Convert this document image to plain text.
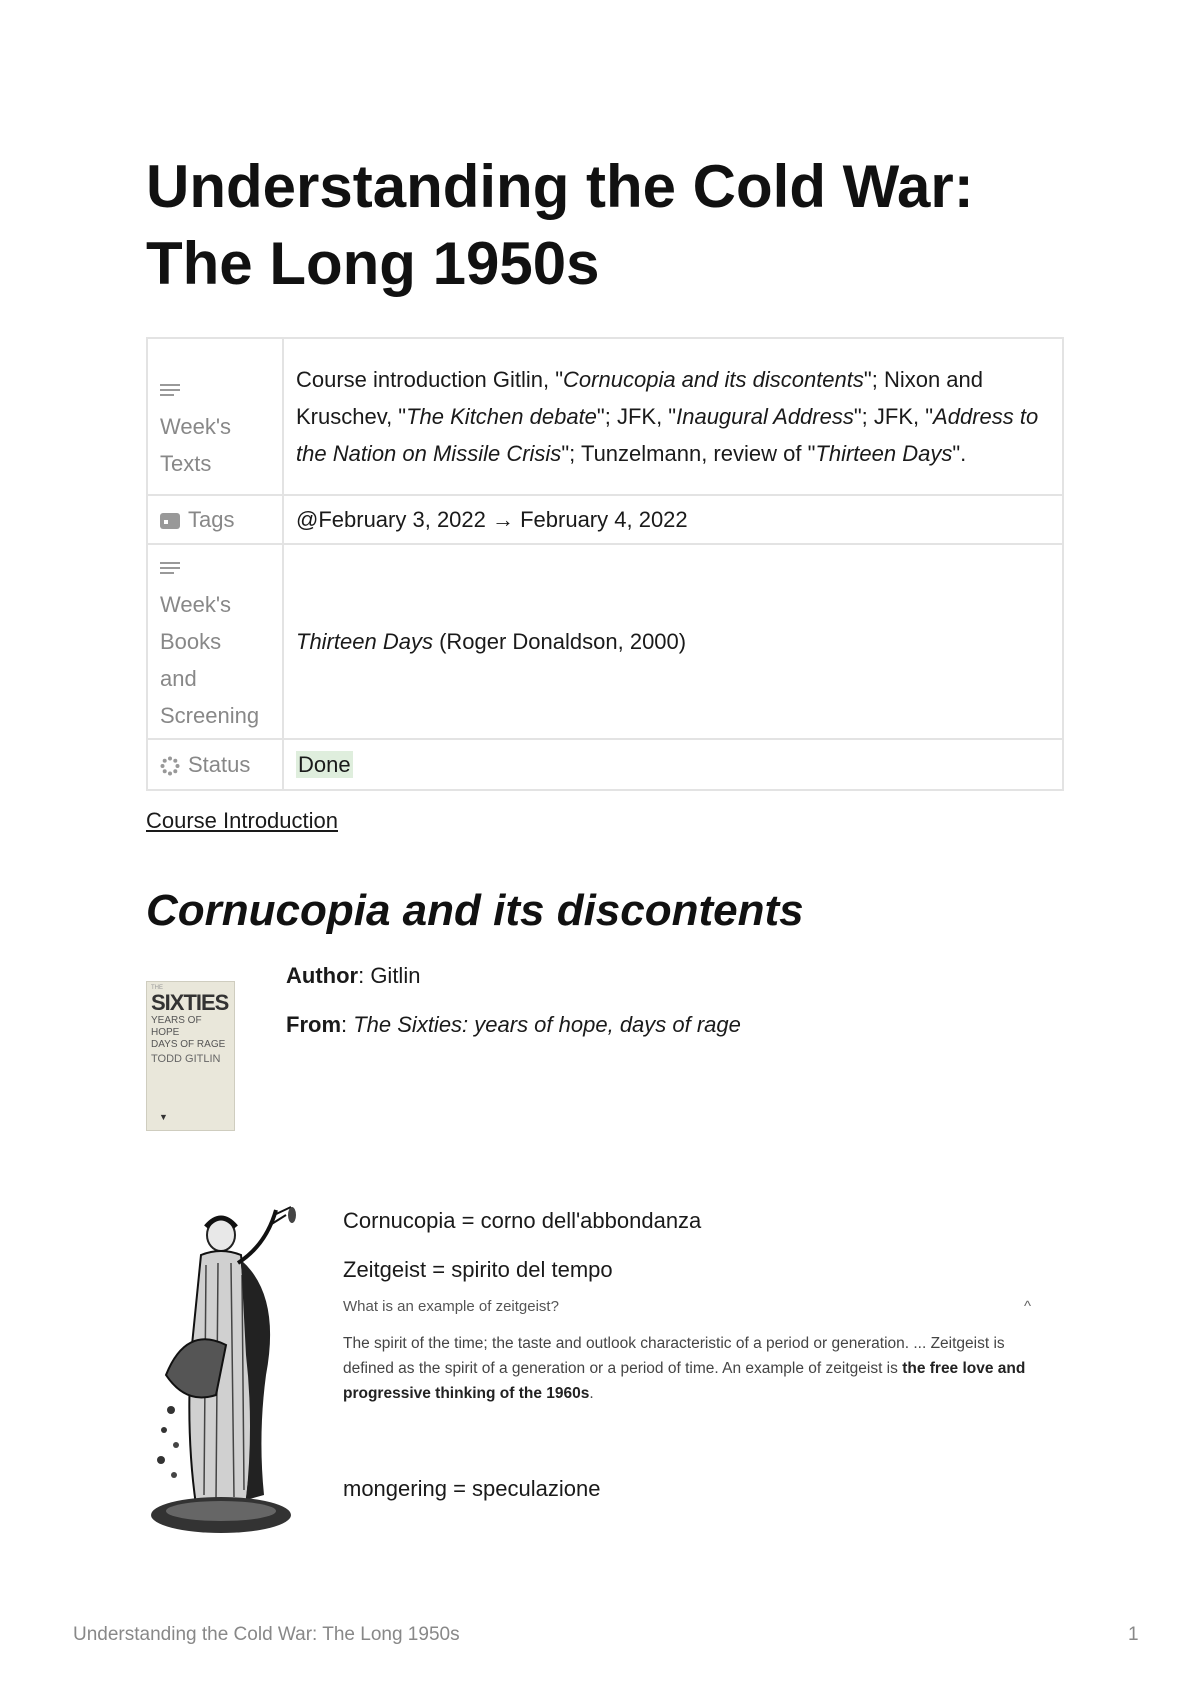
Understanding the Cold War: The Long 1950s
Week's
Texts	Course introduction Gitlin, "Cornucopia and its discontents"; Nixon and Kruschev, "The Kitchen debate"; JFK, "Inaugural Address"; JFK, "Address to the Nation on Missile Crisis"; Tunzelmann, review of "Thirteen Days".
Tags	@February 3, 2022 → February 4, 2022

Week's
Books
and
Screening	Thirteen Days (Roger Donaldson, 2000)
Status	Done
Course Introduction
Cornucopia and its discontents
THE
SIXTIES
YEARS OF HOPE
DAYS OF RAGE
TODD GITLIN
▼
Author: Gitlin
From: The Sixties: years of hope, days of rage
Cornucopia = corno dell'abbondanza
Zeitgeist = spirito del tempo
What is an example of zeitgeist?	^
The spirit of the time; the taste and outlook characteristic of a period or generation. ... Zeitgeist is defined as the spirit of a generation or a period of time. An example of zeitgeist is the free love and progressive thinking of the 1960s.
mongering = speculazione
Understanding the Cold War: The Long 1950s	1
